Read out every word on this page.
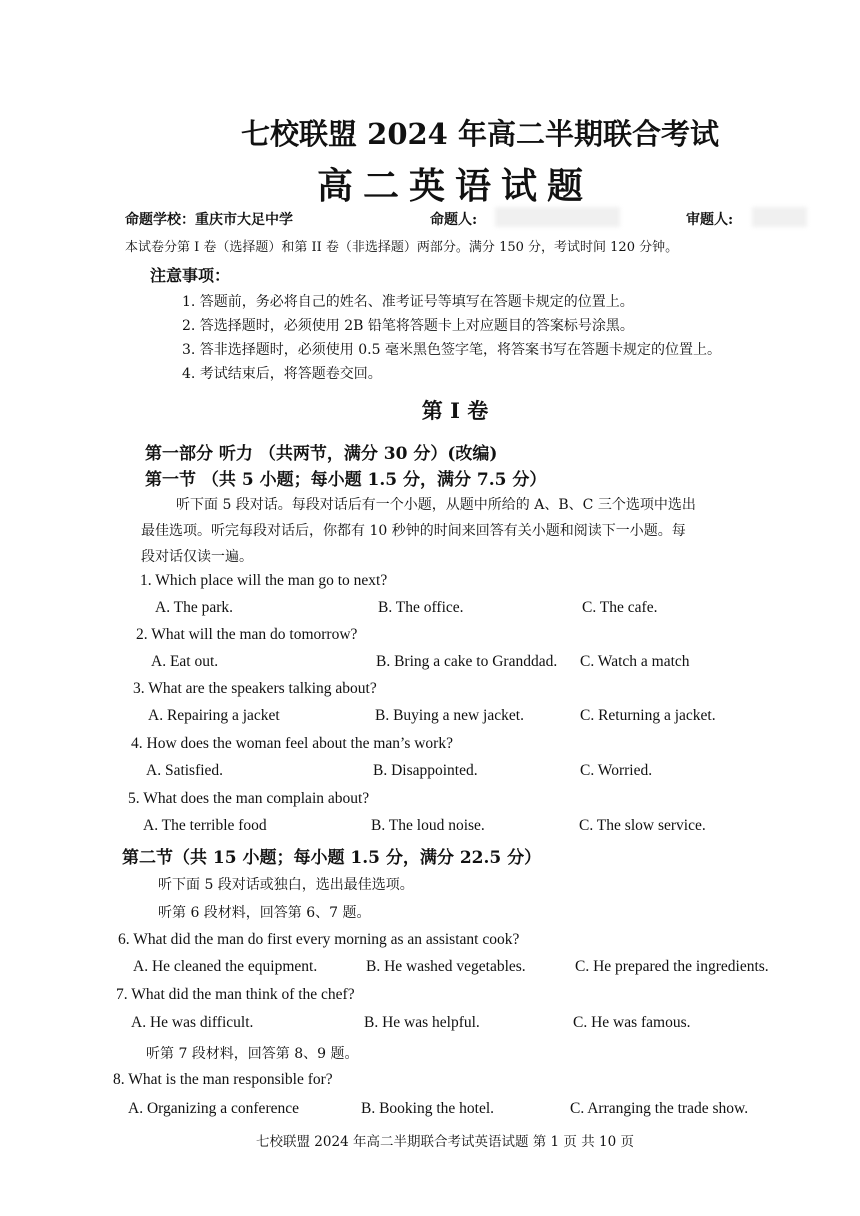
七校联盟 2024 年高二半期联合考试
高二英语试题
命题学校：重庆市大足中学	命题人:	审题人:
本试卷分第 I 卷（选择题）和第 II 卷（非选择题）两部分。满分 150 分，考试时间 120 分钟。
注意事项：
1. 答题前，务必将自己的姓名、准考证号等填写在答题卡规定的位置上。
2. 答选择题时，必须使用 2B 铅笔将答题卡上对应题目的答案标号涂黑。
3. 答非选择题时，必须使用 0.5 毫米黑色签字笔，将答案书写在答题卡规定的位置上。
4. 考试结束后，将答题卷交回。
第 I 卷
第一部分 听力 （共两节，满分 30 分）(改编)
第一节 （共 5 小题；每小题 1.5 分，满分 7.5 分）
听下面 5 段对话。每段对话后有一个小题，从题中所给的 A、B、C 三个选项中选出
最佳选项。听完每段对话后，你都有 10 秒钟的时间来回答有关小题和阅读下一小题。每
段对话仅读一遍。
1. Which place will the man go to next?
A. The park.	B. The office.	C. The cafe.
2. What will the man do tomorrow?
A. Eat out.	B. Bring a cake to Granddad. C. Watch a match
3. What are the speakers talking about?
A. Repairing a jacket	B. Buying a new jacket.	C. Returning a jacket.
4. How does the woman feel about the man’s work?
A. Satisfied.	B. Disappointed.	C. Worried.
5. What does the man complain about?
A. The terrible food	B. The loud noise.	C. The slow service.
第二节（共 15 小题；每小题 1.5 分，满分 22.5 分）
听下面 5 段对话或独白，选出最佳选项。
听第 6 段材料，回答第 6、7 题。
6. What did the man do first every morning as an assistant cook?
A. He cleaned the equipment.	B. He washed vegetables.	C. He prepared the ingredients.
7. What did the man think of the chef?
A. He was difficult.	B. He was helpful.	C. He was famous.
听第 7 段材料，回答第 8、9 题。
8. What is the man responsible for?
A. Organizing a conference	B. Booking the hotel.	C. Arranging the trade show.
七校联盟 2024 年高二半期联合考试英语试题 第 1 页 共 10 页
